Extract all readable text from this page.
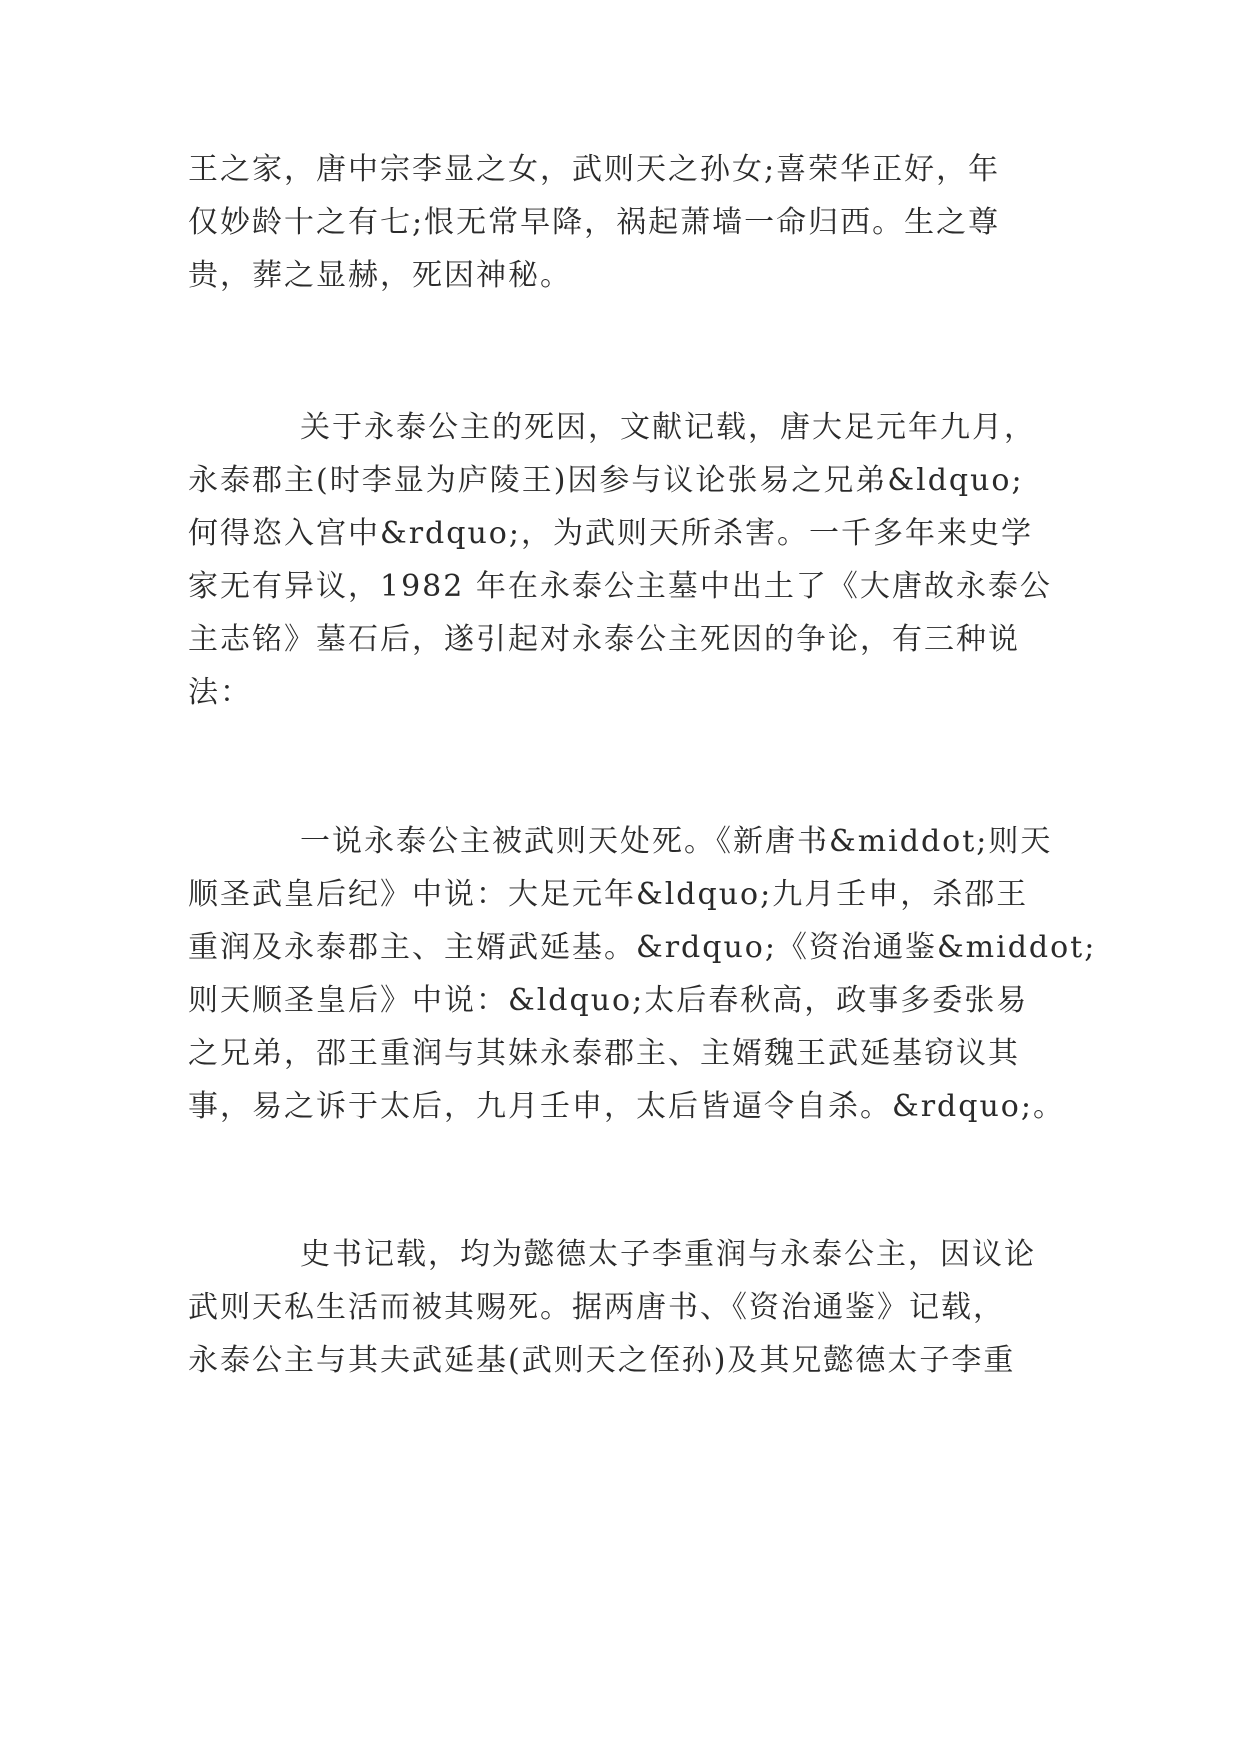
王之家，唐中宗李显之女，武则天之孙女;喜荣华正好，年
仅妙龄十之有七;恨无常早降，祸起萧墙一命归西。生之尊
贵，葬之显赫，死因神秘。
关于永泰公主的死因，文献记载，唐大足元年九月，
永泰郡主(时李显为庐陵王)因参与议论张易之兄弟&ldquo;
何得恣入宫中&rdquo;，为武则天所杀害。一千多年来史学
家无有异议，1982 年在永泰公主墓中出土了《大唐故永泰公
主志铭》墓石后，遂引起对永泰公主死因的争论，有三种说
法：
一说永泰公主被武则天处死。《新唐书&middot;则天
顺圣武皇后纪》中说：大足元年&ldquo;九月壬申，杀邵王
重润及永泰郡主、主婿武延基。&rdquo;《资治通鉴&middot;
则天顺圣皇后》中说：&ldquo;太后春秋高，政事多委张易
之兄弟，邵王重润与其妹永泰郡主、主婿魏王武延基窃议其
事，易之诉于太后，九月壬申，太后皆逼令自杀。&rdquo;。
史书记载，均为懿德太子李重润与永泰公主，因议论
武则天私生活而被其赐死。据两唐书、《资治通鉴》记载，
永泰公主与其夫武延基(武则天之侄孙)及其兄懿德太子李重
